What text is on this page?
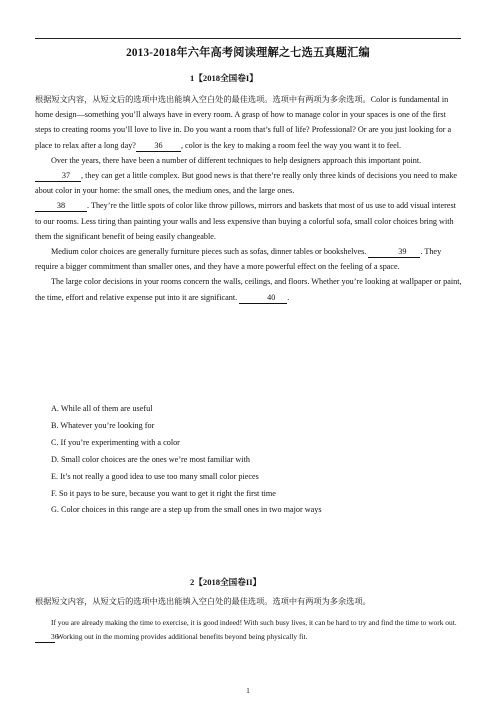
2013-2018年六年高考阅读理解之七选五真题汇编
1【2018全国卷I】

根据短文内容，从短文后的选项中选出能填入空白处的最佳选项。选项中有两项为多余选项。Color is fundamental in home design—something you’ll always have in every room. A grasp of how to manage color in your spaces is one of the first steps to creating rooms you’ll love to live in. Do you want a room that’s full of life? Professional? Or are you just looking for a place to relax after a long day? 36 , color is the key to making a room feel the way you want it to feel.

Over the years, there have been a number of different techniques to help designers approach this important point. 37 , they can get a little complex. But good news is that there’re really only three kinds of decisions you need to make about color in your home: the small ones, the medium ones, and the large ones.

38	. They’re the little spots of color like throw pillows, mirrors and baskets that most of us use to add visual interest to our rooms. Less tiring than painting your walls and less expensive than buying a colorful sofa, small color choices bring with them the significant benefit of being easily changeable.

Medium color choices are generally furniture pieces such as sofas, dinner tables or bookshelves.	39 . They require a bigger commitment than smaller ones, and they have a more powerful effect on the feeling of a space.

The large color decisions in your rooms concern the walls, ceilings, and floors. Whether you’re looking at wallpaper or paint, the time, effort and relative expense put into it are significant.	40 .

A. While all of them are useful
B. Whatever you’re looking for
C. If you’re experimenting with a color
D. Small color choices are the ones we’re most familiar with
E. It’s not really a good idea to use too many small color pieces
F. So it pays to be sure, because you want to get it right the first time
G. Color choices in this range are a step up from the small ones in two major ways
2【2018全国卷II】
根据短文内容，从短文后的选项中选出能填入空白处的最佳选项。选项中有两项为多余选项。

If you are already making the time to exercise, it is good indeed! With such busy lives, it can be hard to try and find the time to work out. 36 Working out in the morning provides additional benefits beyond being physically fit.

1
